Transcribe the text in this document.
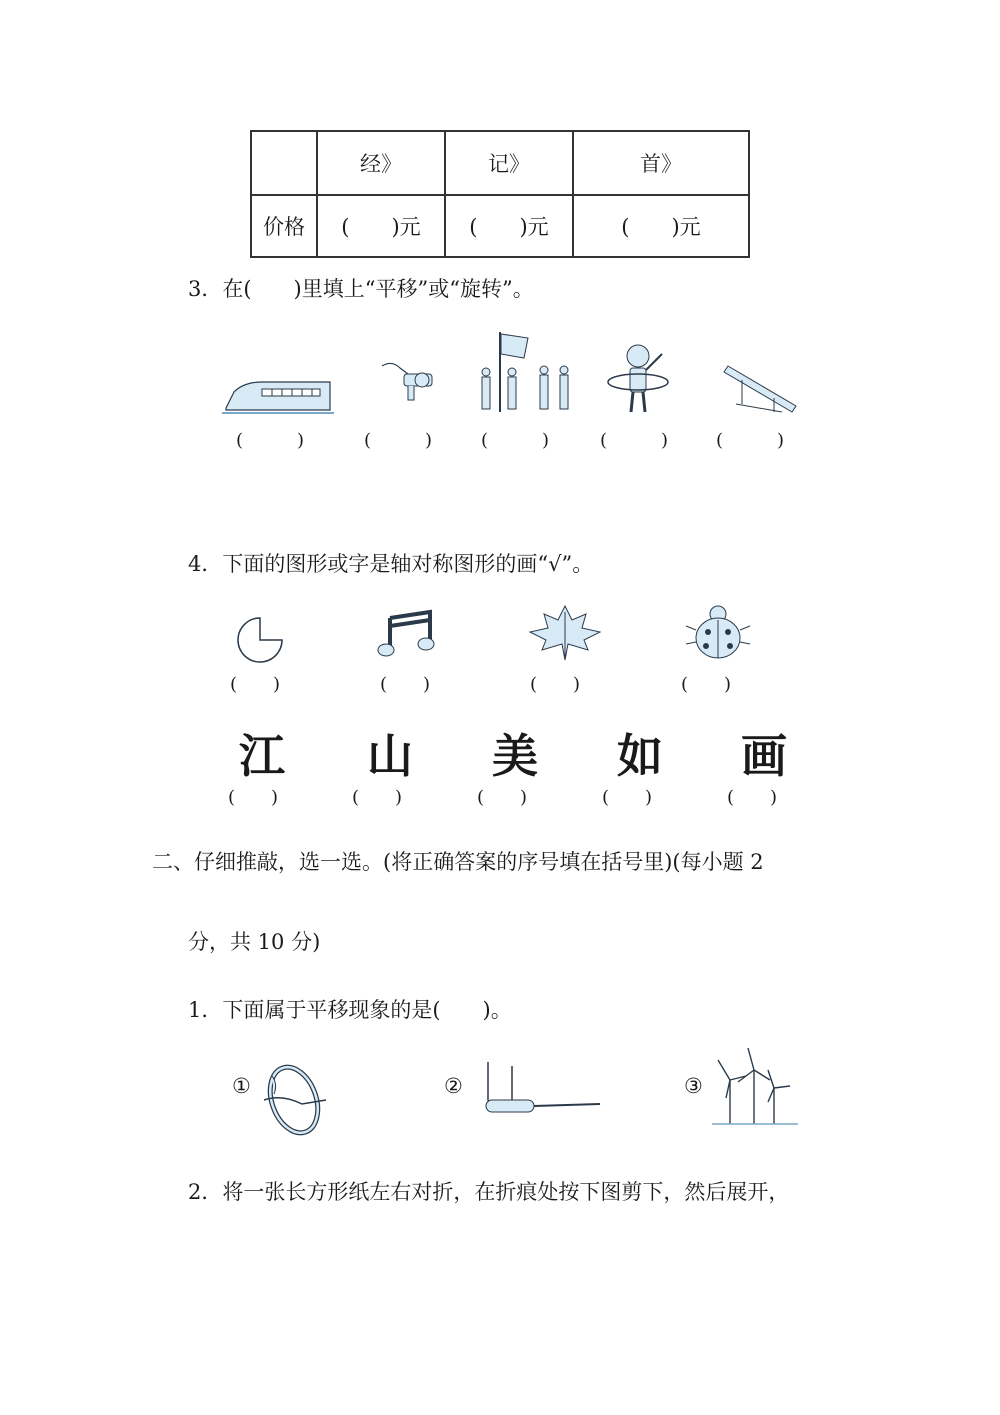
	经》	记》	首》
价格	(　　)元	(　　)元	(　　)元
3．在(　　)里填上“平移”或“旋转”。
(　　　)	(　　　)	(　　　)	(　　　)	(　　　)
4．下面的图形或字是轴对称图形的画“√”。
(　　)	(　　)	(　　)	(　　)
江 山 美 如 画
(　　)	(　　)	(　　)	(　　)	(　　)
二、仔细推敲，选一选。(将正确答案的序号填在括号里)(每小题 2
分，共 10 分)
1．下面属于平移现象的是(　　)。
①	②	③
2．将一张长方形纸左右对折，在折痕处按下图剪下，然后展开，
